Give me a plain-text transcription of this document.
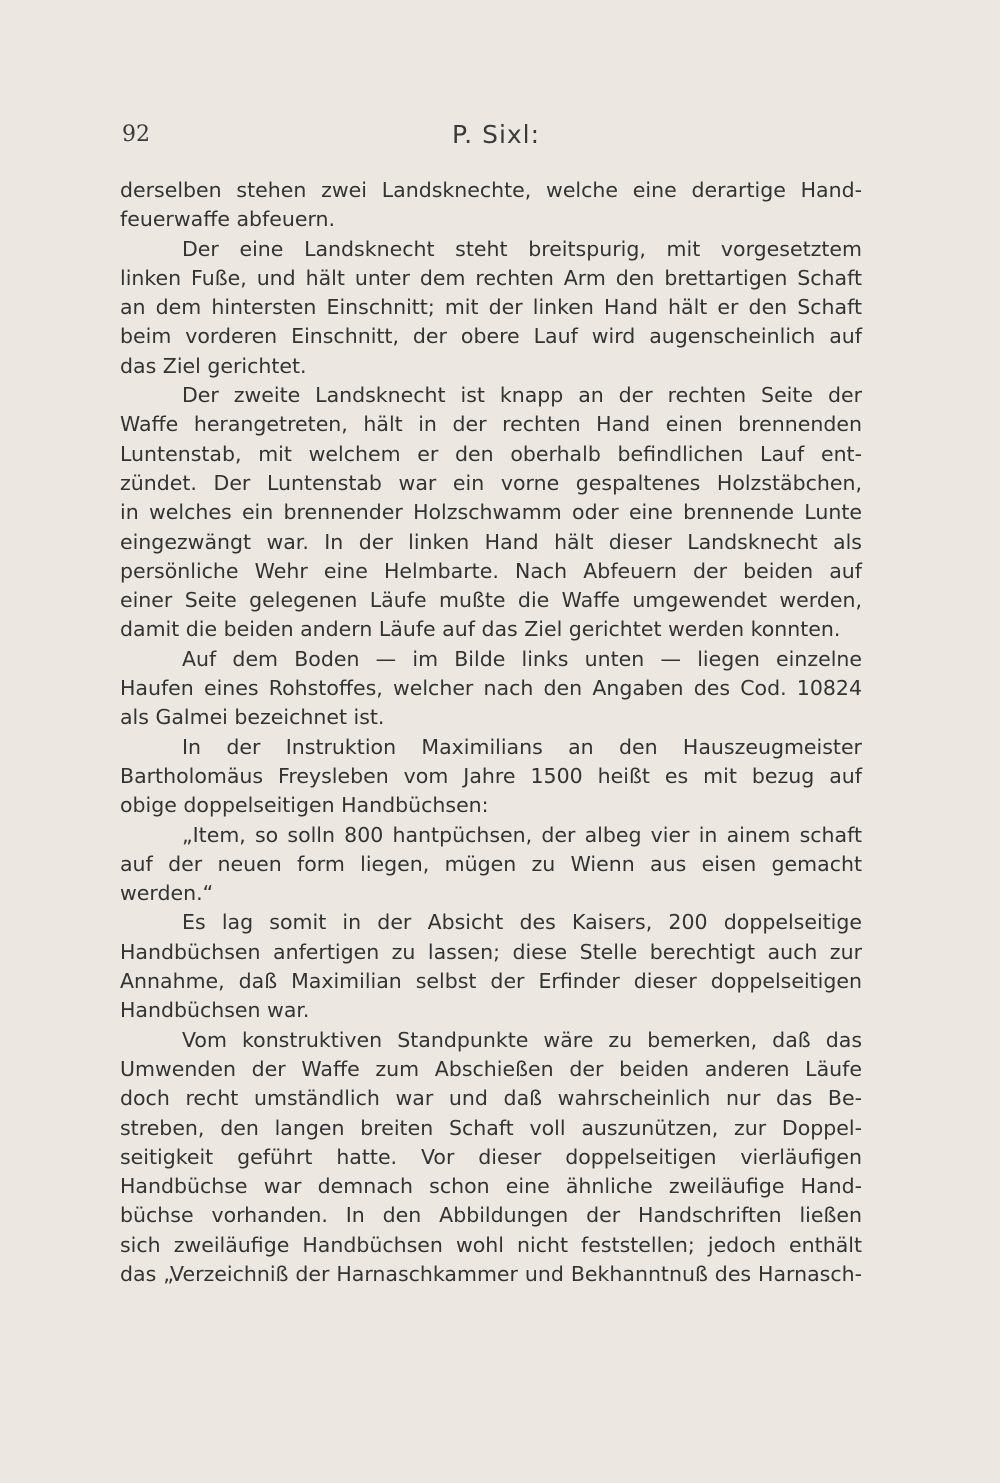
92	P. Sixl:
derselben stehen zwei Landsknechte, welche eine derartige Hand-
feuerwaffe abfeuern.
Der eine Landsknecht steht breitspurig, mit vorgesetztem
linken Fuße, und hält unter dem rechten Arm den brettartigen Schaft
an dem hintersten Einschnitt; mit der linken Hand hält er den Schaft
beim vorderen Einschnitt, der obere Lauf wird augenscheinlich auf
das Ziel gerichtet.
Der zweite Landsknecht ist knapp an der rechten Seite der
Waffe herangetreten, hält in der rechten Hand einen brennenden
Luntenstab, mit welchem er den oberhalb befindlichen Lauf ent-
zündet. Der Luntenstab war ein vorne gespaltenes Holzstäbchen,
in welches ein brennender Holzschwamm oder eine brennende Lunte
eingezwängt war. In der linken Hand hält dieser Landsknecht als
persönliche Wehr eine Helmbarte. Nach Abfeuern der beiden auf
einer Seite gelegenen Läufe mußte die Waffe umgewendet werden,
damit die beiden andern Läufe auf das Ziel gerichtet werden konnten.
Auf dem Boden — im Bilde links unten — liegen einzelne
Haufen eines Rohstoffes, welcher nach den Angaben des Cod. 10824
als Galmei bezeichnet ist.
In der Instruktion Maximilians an den Hauszeugmeister
Bartholomäus Freysleben vom Jahre 1500 heißt es mit bezug auf
obige doppelseitigen Handbüchsen:
„Item, so solln 800 hantpüchsen, der albeg vier in ainem schaft
auf der neuen form liegen, mügen zu Wienn aus eisen gemacht
werden.“
Es lag somit in der Absicht des Kaisers, 200 doppelseitige
Handbüchsen anfertigen zu lassen; diese Stelle berechtigt auch zur
Annahme, daß Maximilian selbst der Erfinder dieser doppelseitigen
Handbüchsen war.
Vom konstruktiven Standpunkte wäre zu bemerken, daß das
Umwenden der Waffe zum Abschießen der beiden anderen Läufe
doch recht umständlich war und daß wahrscheinlich nur das Be-
streben, den langen breiten Schaft voll auszunützen, zur Doppel-
seitigkeit geführt hatte. Vor dieser doppelseitigen vierläufigen
Handbüchse war demnach schon eine ähnliche zweiläufige Hand-
büchse vorhanden. In den Abbildungen der Handschriften ließen
sich zweiläufige Handbüchsen wohl nicht feststellen; jedoch enthält
das „Verzeichniß der Harnaschkammer und Bekhanntnuß des Harnasch-
